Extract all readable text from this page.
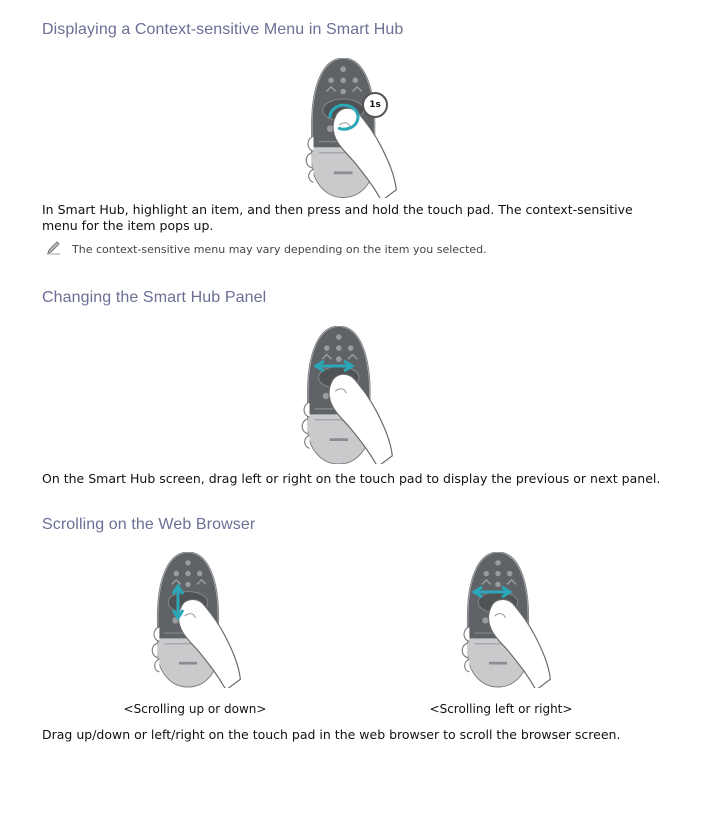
Displaying a Context-sensitive Menu in Smart Hub
1s

In Smart Hub, highlight an item, and then press and hold the touch pad. The context-sensitive menu for the item pops up.

The context-sensitive menu may vary depending on the item you selected.

Changing the Smart Hub Panel

On the Smart Hub screen, drag left or right on the touch pad to display the previous or next panel.

Scrolling on the Web Browser

<Scrolling up or down>	<Scrolling left or right>

Drag up/down or left/right on the touch pad in the web browser to scroll the browser screen.
